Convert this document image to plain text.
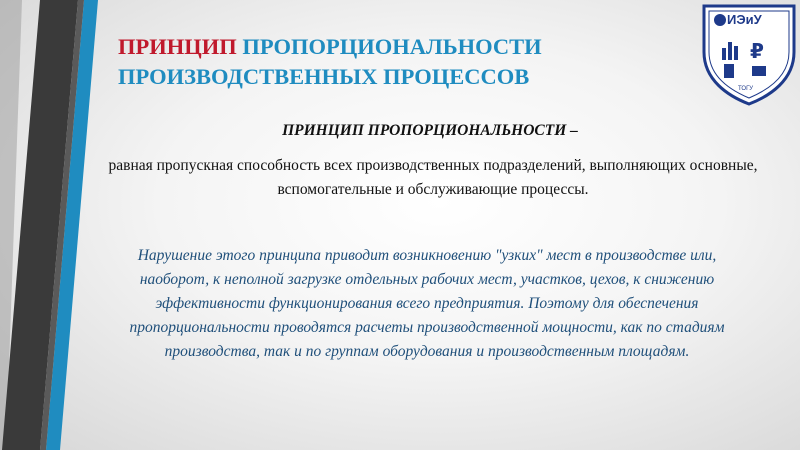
ПРИНЦИП ПРОПОРЦИОНАЛЬНОСТИ
ПРОИЗВОДСТВЕННЫХ ПРОЦЕССОВ
ИЭиУ
₽
ТОГУ
ПРИНЦИП ПРОПОРЦИОНАЛЬНОСТИ –
равная пропускная способность всех производственных подразделений, выполняющих основные, вспомогательные и обслуживающие процессы.
Нарушение этого принципа приводит возникновению "узких" мест в производстве или, наоборот, к неполной загрузке отдельных рабочих мест, участков, цехов, к снижению эффективности функционирования всего предприятия. Поэтому для обеспечения пропорциональности проводятся расчеты производственной мощности, как по стадиям производства, так и по группам оборудования и производственным площадям.
